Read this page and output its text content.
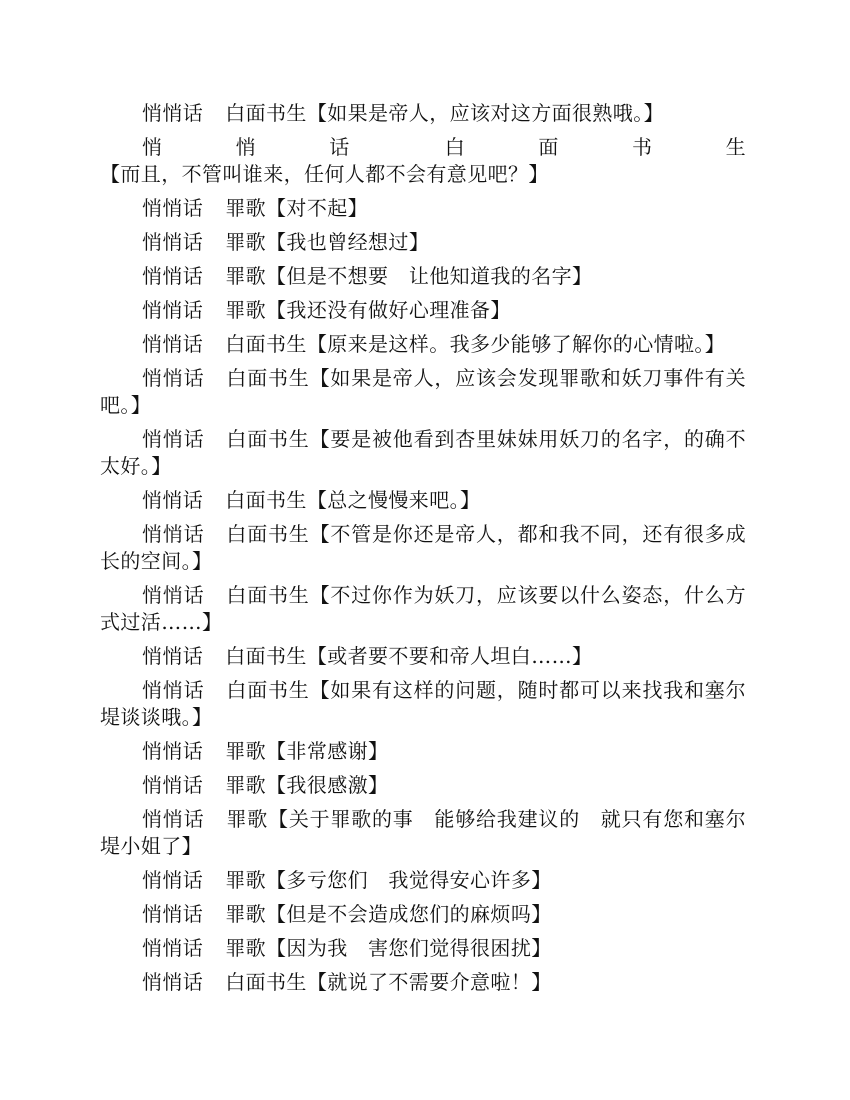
悄悄话 白面书生【如果是帝人，应该对这方面很熟哦。】

悄悄话 白面书生【而且，不管叫谁来，任何人都不会有意见吧？】

悄悄话 罪歌【对不起】

悄悄话 罪歌【我也曾经想过】

悄悄话 罪歌【但是不想要　让他知道我的名字】

悄悄话 罪歌【我还没有做好心理准备】

悄悄话 白面书生【原来是这样。我多少能够了解你的心情啦。】

悄悄话 白面书生【如果是帝人，应该会发现罪歌和妖刀事件有关吧。】

悄悄话 白面书生【要是被他看到杏里妹妹用妖刀的名字，的确不太好。】

悄悄话 白面书生【总之慢慢来吧。】

悄悄话 白面书生【不管是你还是帝人，都和我不同，还有很多成长的空间。】

悄悄话 白面书生【不过你作为妖刀，应该要以什么姿态，什么方式过活……】

悄悄话 白面书生【或者要不要和帝人坦白……】

悄悄话 白面书生【如果有这样的问题，随时都可以来找我和塞尔堤谈谈哦。】

悄悄话 罪歌【非常感谢】

悄悄话 罪歌【我很感激】

悄悄话 罪歌【关于罪歌的事　能够给我建议的　就只有您和塞尔堤小姐了】

悄悄话 罪歌【多亏您们　我觉得安心许多】

悄悄话 罪歌【但是不会造成您们的麻烦吗】

悄悄话 罪歌【因为我　害您们觉得很困扰】

悄悄话 白面书生【就说了不需要介意啦！】
